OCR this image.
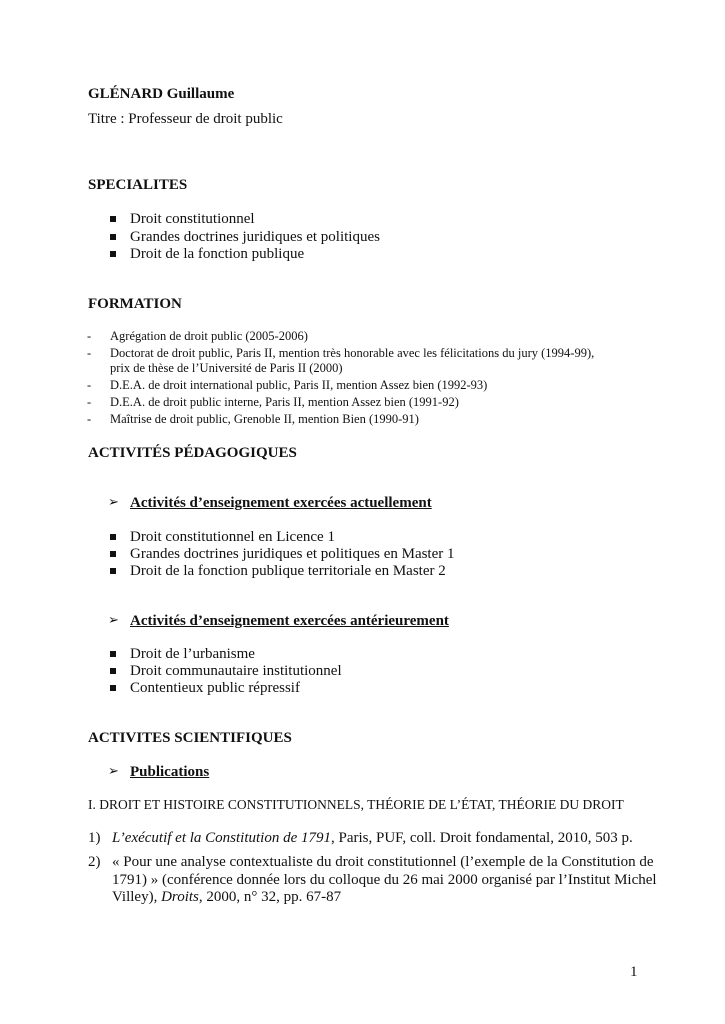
GLÉNARD Guillaume
Titre : Professeur de droit public
SPECIALITES
Droit constitutionnel
Grandes doctrines juridiques et politiques
Droit de la fonction publique
FORMATION
- Agrégation de droit public (2005-2006)
- Doctorat de droit public, Paris II, mention très honorable avec les félicitations du jury (1994-99),
prix de thèse de l’Université de Paris II (2000)
- D.E.A. de droit international public, Paris II, mention Assez bien (1992-93)
- D.E.A. de droit public interne, Paris II, mention Assez bien (1991-92)
- Maîtrise de droit public, Grenoble II, mention Bien (1990-91)
ACTIVITÉS PÉDAGOGIQUES
➢ Activités d’enseignement exercées actuellement
Droit constitutionnel en Licence 1
Grandes doctrines juridiques et politiques en Master 1
Droit de la fonction publique territoriale en Master 2
➢ Activités d’enseignement exercées antérieurement
Droit de l’urbanisme
Droit communautaire institutionnel
Contentieux public répressif
ACTIVITES SCIENTIFIQUES
➢ Publications
I. DROIT ET HISTOIRE CONSTITUTIONNELS, THÉORIE DE L’ÉTAT, THÉORIE DU DROIT
1) L’exécutif et la Constitution de 1791, Paris, PUF, coll. Droit fondamental, 2010, 503 p.
2) « Pour une analyse contextualiste du droit constitutionnel (l’exemple de la Constitution de
1791) » (conférence donnée lors du colloque du 26 mai 2000 organisé par l’Institut Michel
Villey), Droits, 2000, n° 32, pp. 67-87
1
